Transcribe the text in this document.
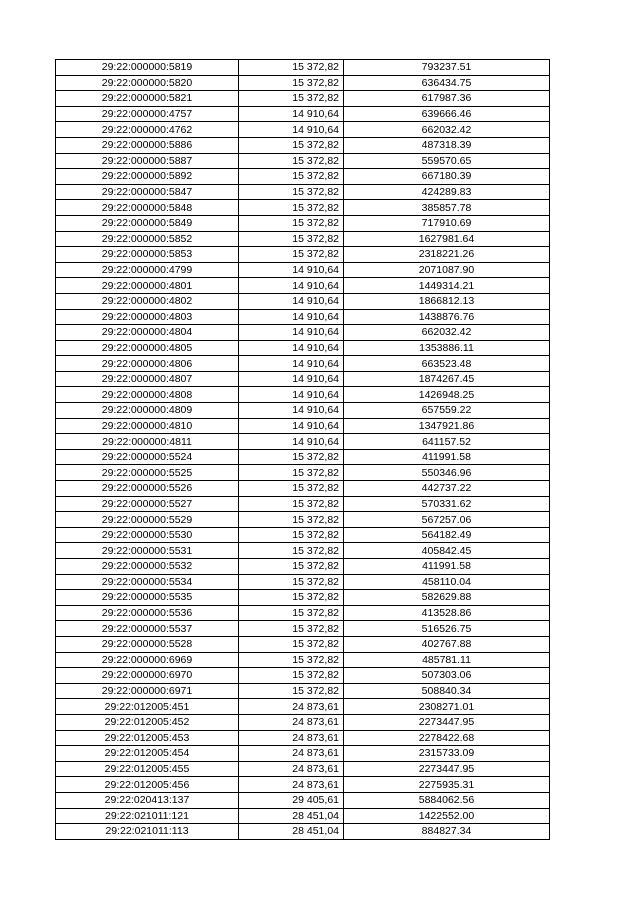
29:22:000000:5819	15 372,82	793237.51
29:22:000000:5820	15 372,82	636434.75
29:22:000000:5821	15 372,82	617987.36
29:22:000000:4757	14 910,64	639666.46
29:22:000000:4762	14 910,64	662032.42
29:22:000000:5886	15 372,82	487318.39
29:22:000000:5887	15 372,82	559570.65
29:22:000000:5892	15 372,82	667180.39
29:22:000000:5847	15 372,82	424289.83
29:22:000000:5848	15 372,82	385857.78
29:22:000000:5849	15 372,82	717910.69
29:22:000000:5852	15 372,82	1627981.64
29:22:000000:5853	15 372,82	2318221.26
29:22:000000:4799	14 910,64	2071087.90
29:22:000000:4801	14 910,64	1449314.21
29:22:000000:4802	14 910,64	1866812.13
29:22:000000:4803	14 910,64	1438876.76
29:22:000000:4804	14 910,64	662032.42
29:22:000000:4805	14 910,64	1353886.11
29:22:000000:4806	14 910,64	663523.48
29:22:000000:4807	14 910,64	1874267.45
29:22:000000:4808	14 910,64	1426948.25
29:22:000000:4809	14 910,64	657559.22
29:22:000000:4810	14 910,64	1347921.86
29:22:000000:4811	14 910,64	641157.52
29:22:000000:5524	15 372,82	411991.58
29:22:000000:5525	15 372,82	550346.96
29:22:000000:5526	15 372,82	442737.22
29:22:000000:5527	15 372,82	570331.62
29:22:000000:5529	15 372,82	567257.06
29:22:000000:5530	15 372,82	564182.49
29:22:000000:5531	15 372,82	405842.45
29:22:000000:5532	15 372,82	411991.58
29:22:000000:5534	15 372,82	458110.04
29:22:000000:5535	15 372,82	582629.88
29:22:000000:5536	15 372,82	413528.86
29:22:000000:5537	15 372,82	516526.75
29:22:000000:5528	15 372,82	402767.88
29:22:000000:6969	15 372,82	485781.11
29:22:000000:6970	15 372,82	507303.06
29:22:000000:6971	15 372,82	508840.34
29:22:012005:451	24 873,61	2308271.01
29:22:012005:452	24 873,61	2273447.95
29:22:012005:453	24 873,61	2278422.68
29:22:012005:454	24 873,61	2315733.09
29:22:012005:455	24 873,61	2273447.95
29:22:012005:456	24 873,61	2275935.31
29:22:020413:137	29 405,61	5884062.56
29:22:021011:121	28 451,04	1422552.00
29:22:021011:113	28 451,04	884827.34
